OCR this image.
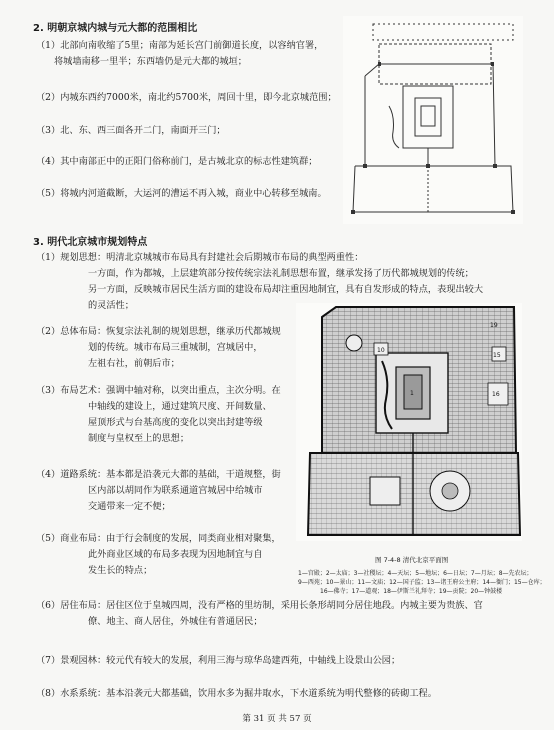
2. 明朝京城内城与元大都的范围相比
（1）北部向南收缩了5里；南部为延长宫门前御道长度，以容纳官署，
将城墙南移一里半；东西墙仍是元大都的城垣；
（2）内城东西约7000米，南北约5700米，周回十里，即今北京城范围；
（3）北、东、西三面各开二门，南面开三门；
（4）其中南部正中的正阳门俗称前门，是古城北京的标志性建筑群；
（5）将城内河道截断，大运河的漕运不再入城，商业中心转移至城南。
3. 明代北京城市规划特点
（1）规划思想：明清北京城城市布局具有封建社会后期城市布局的典型两重性：
一方面，作为都城，上层建筑部分按传统宗法礼制思想布置，继承发扬了历代都城规划的传统；
另一方面，反映城市居民生活方面的建设布局却注重因地制宜，具有自发形成的特点，表现出较大
的灵活性；
（2）总体布局：恢复宗法礼制的规划思想，继承历代都城规
划的传统。城市布局三重城制，宫城居中，
左祖右社，前朝后市；
（3）布局艺术：强调中轴对称，以突出重点，主次分明。在
中轴线的建设上，通过建筑尺度、开间数量、
屋顶形式与台基高度的变化以突出封建等级
制度与皇权至上的思想；
（4）道路系统：基本都是沿袭元大都的基础，干道规整，街
区内部以胡同作为联系通道宫城居中给城市
交通带来一定不便；
（5）商业布局：由于行会制度的发展，同类商业相对聚集，
此外商业区域的布局多表现为因地制宜与自
发生长的特点；
（6）居住布局：居住区位于皇城四周，没有严格的里坊制，采用长条形胡同分居住地段。内城主要为贵族、官
僚、地主、商人居住，外城住有普通居民；
（7）景观园林：较元代有较大的发展，利用三海与琼华岛建西苑，中轴线上设景山公园；
（8）水系系统：基本沿袭元大都基础，饮用水多为掘井取水，下水道系统为明代整修的砖砌工程。
10
15
16
19
1
图 7-4-8 清代北京平面图
1—宫殿；2—太庙；3—社稷坛；4—天坛；5—地坛；6—日坛；7—月坛；8—先农坛；
9—西苑；10—景山；11—文庙；12—国子监；13—诸王府公主府；14—衙门；15—仓库；
16—佛寺；17—道观；18—伊斯兰礼拜寺；19—贡院；20—钟鼓楼
第 31 页 共 57 页
